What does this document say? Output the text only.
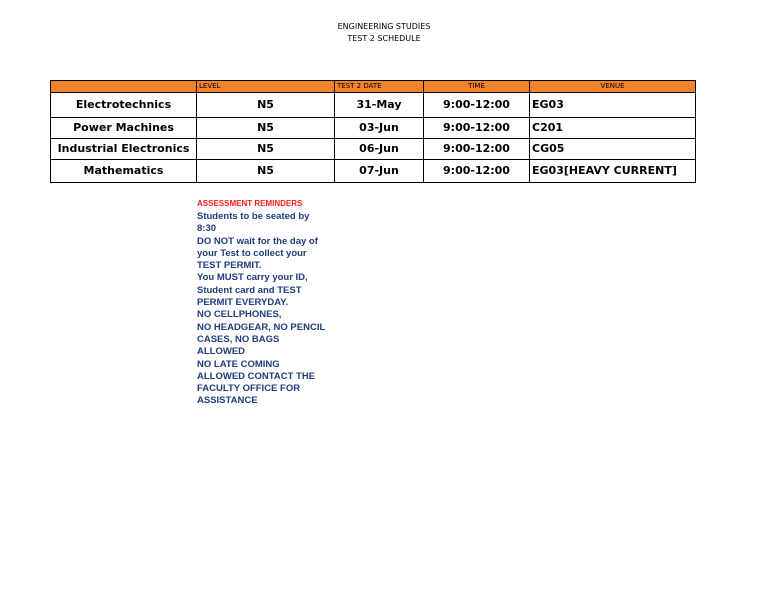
ENGINEERING STUDIES
TEST 2 SCHEDULE
	LEVEL	TEST 2 DATE	TIME	VENUE
Electrotechnics	N5	31-May	9:00-12:00	EG03
Power Machines	N5	03-Jun	9:00-12:00	C201
Industrial Electronics	N5	06-Jun	9:00-12:00	CG05
Mathematics	N5	07-Jun	9:00-12:00	EG03[HEAVY CURRENT]
ASSESSMENT REMINDERS
Students to be seated by
8:30
DO NOT wait for the day of
your Test to collect your
TEST PERMIT.
You MUST carry your ID,
Student card and TEST
PERMIT EVERYDAY.
NO CELLPHONES,
NO HEADGEAR, NO PENCIL
CASES, NO BAGS
ALLOWED
NO LATE COMING
ALLOWED CONTACT THE
FACULTY OFFICE FOR
ASSISTANCE
